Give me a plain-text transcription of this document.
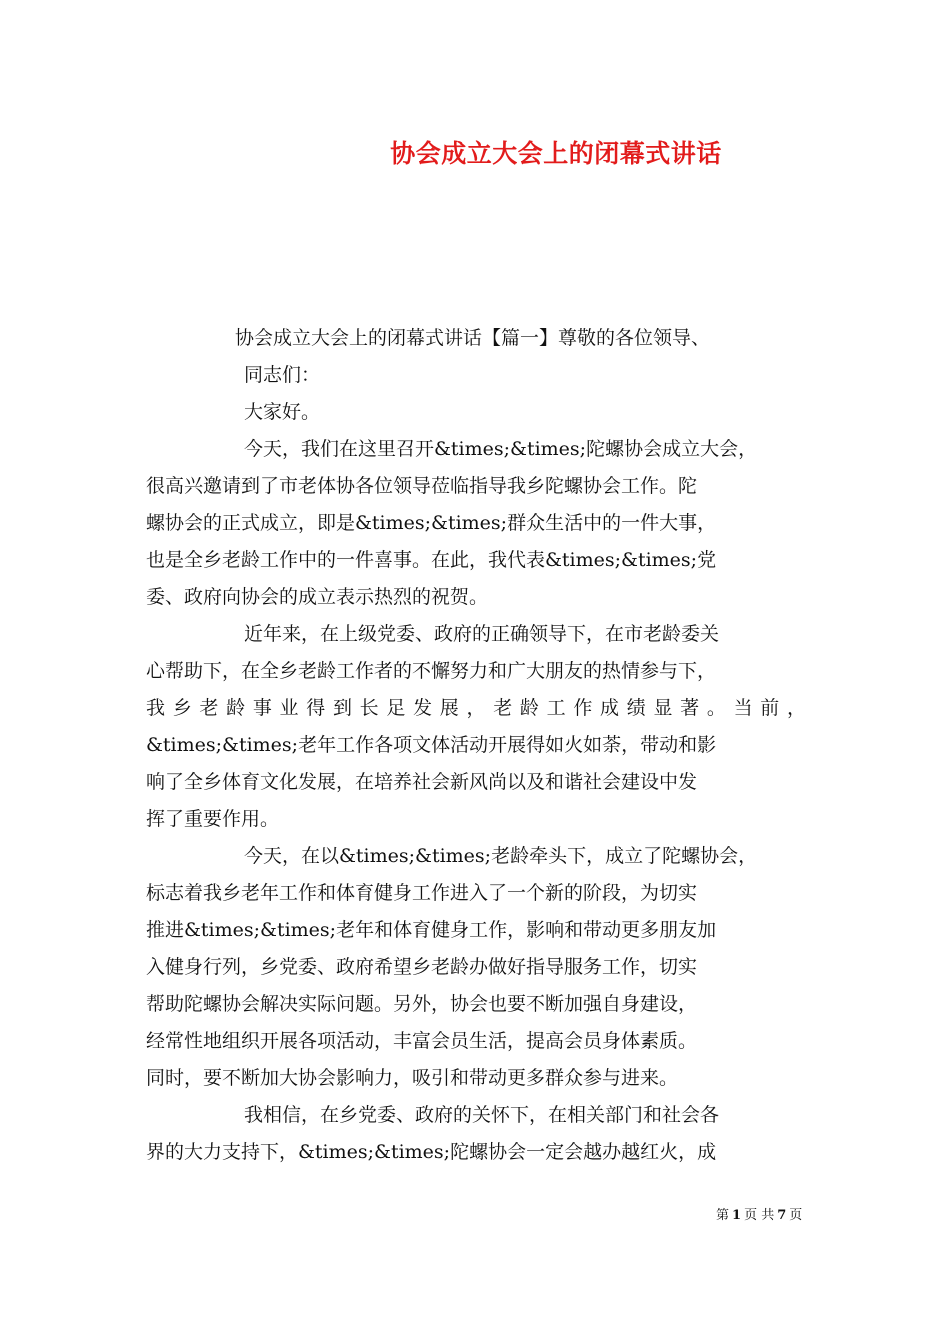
协会成立大会上的闭幕式讲话
协会成立大会上的闭幕式讲话【篇一】尊敬的各位领导、
同志们：
大家好。
今天，我们在这里召开&times;&times;陀螺协会成立大会，
很高兴邀请到了市老体协各位领导莅临指导我乡陀螺协会工作。陀
螺协会的正式成立，即是&times;&times;群众生活中的一件大事，
也是全乡老龄工作中的一件喜事。在此，我代表&times;&times;党
委、政府向协会的成立表示热烈的祝贺。
近年来，在上级党委、政府的正确领导下，在市老龄委关
心帮助下，在全乡老龄工作者的不懈努力和广大朋友的热情参与下，
我乡老龄事业得到长足发展，老龄工作成绩显著。当前，
&times;&times;老年工作各项文体活动开展得如火如荼，带动和影
响了全乡体育文化发展，在培养社会新风尚以及和谐社会建设中发
挥了重要作用。
今天，在以&times;&times;老龄牵头下，成立了陀螺协会，
标志着我乡老年工作和体育健身工作进入了一个新的阶段，为切实
推进&times;&times;老年和体育健身工作，影响和带动更多朋友加
入健身行列，乡党委、政府希望乡老龄办做好指导服务工作，切实
帮助陀螺协会解决实际问题。另外，协会也要不断加强自身建设，
经常性地组织开展各项活动，丰富会员生活，提高会员身体素质。
同时，要不断加大协会影响力，吸引和带动更多群众参与进来。
我相信，在乡党委、政府的关怀下，在相关部门和社会各
界的大力支持下，&times;&times;陀螺协会一定会越办越红火，成
第 1 页 共 7 页
